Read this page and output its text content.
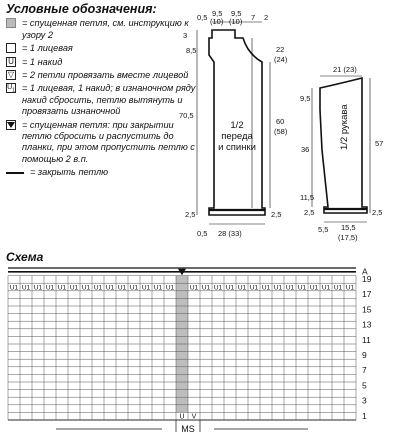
Условные обозначения:
= спущенная петля, см. инструкцию к узору 2
= 1 лицевая
U = 1 накид
▽ = 2 петли провязать вместе лицевой
$U_1 = 1$ лицевая, 1 накид; в изнаночном ряду накид сбросить, петлю вытянуть и провязать изнаночной
= спущенная петля: при закрытии петлю сбросить и распустить до планки, при этом пропустить петлю с помощью 2 в.п.
= закрыть петлю
0,5 9,5
(10)
9,5
(10) 7 2
3
8,5	22
(24)
70,5
60
(58)
2,5	2,5
0,5 28 (33)
1/2
переда
и спинки
21 (23)
9,5
36
57
11,5
2,5	2,5
5,5 15,5
(17,5)
1/2 рукава
Схема
U1 U1 U1 U1 U1 U1 U1 U1 U1 U1 U1 U1 U1 U1 U1 U1 U1 U1 U1 U1 U1 U1 U1 U1 U1 U1 U1 U1
U V
A
19
17
15
13
11
9
7
5
3
1
MS
